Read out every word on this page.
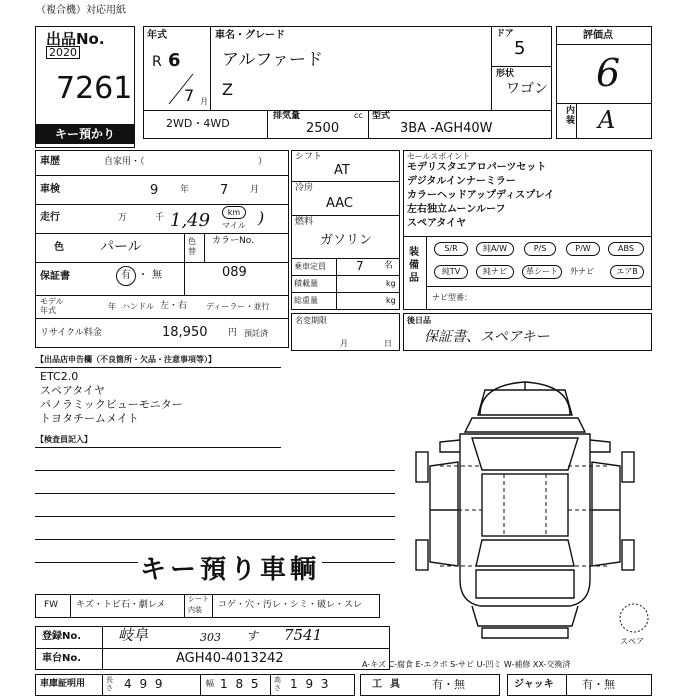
（複合機）対応用紙
出品No.
2020
7261
キー預かり
年式
R 6
7 月
車名・グレード
アルファード
Z
ドア
5
形状
ワゴン
2WD・4WD
排気量	cc
2500
型式
3BA -AGH40W
評価点
6
内装 A
車歴	自家用・（	）
車検	9 年 7 月
走行	万	千 1,49	km
マイル )
色	パール	色替
カラーNo.
089
保証書	有 ・ 無
モデル
年式	年 ハンドル 左・右 ディーラー・並行
リサイクル料金	18,950 円 預託済
シフト
AT
冷房
AAC
燃料
ガソリン
乗車定員	7 名
積載量	kg
総重量	kg
名変期限
月	日
セールスポイント
モデリスタエアロパーツセット
デジタルインナーミラー
カラーヘッドアップディスプレイ
左右独立ムーンルーフ
スペアタイヤ
装備品
S/R	純A/W	P/S	P/W	ABS
純TV	純ナビ	革シート	外ナビ	エアB
ナビ型番：
後日品
保証書、スペアキー
【出品店申告欄（不良箇所・欠品・注意事項等）】
ETC2.0
スペアタイヤ
パノラミックビューモニター
トヨタチームメイト
【検査員記入】
キー預り車輌
FW キズ・トビ石・劇レメ
シート
内装 コゲ・穴・汚レ・シミ・破レ・スレ
登録No. 岐阜	303 す 7541
車台No.	AGH40-4013242
車庫証明用	長さ 4 9 9	幅 1 8 5 高さ 1 9 3	工具 有・無	ジャッキ	有・無
A-キズ C-腐食 E-エクボ S-サビ U-凹ミ W-補修 XX-交換済
スペア
